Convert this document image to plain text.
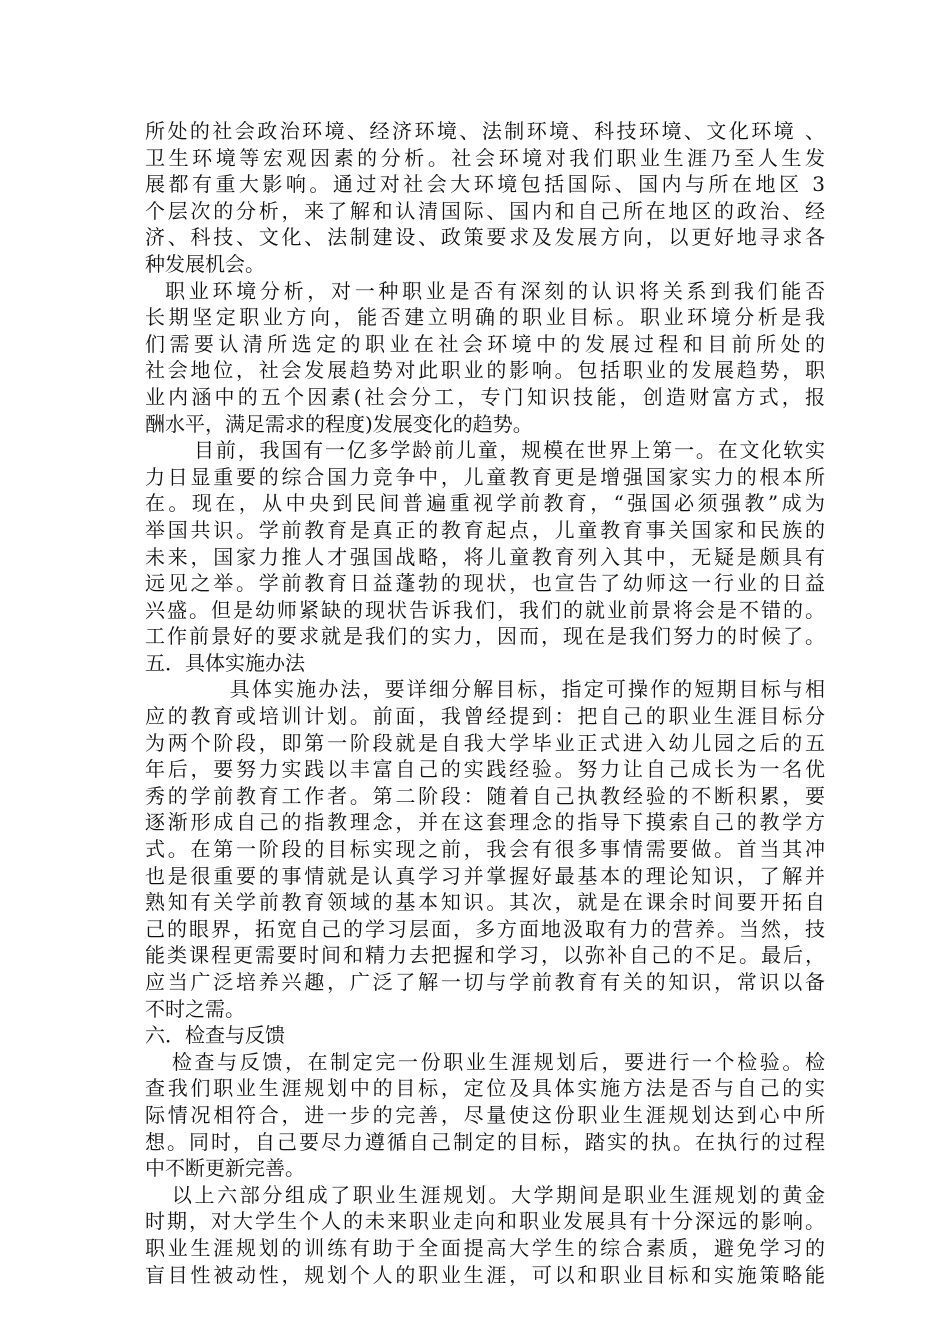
所处的社会政治环境、经济环境、法制环境、科技环境、文化环境 、
卫生环境等宏观因素的分析。社会环境对我们职业生涯乃至人生发
展都有重大影响。通过对社会大环境包括国际、国内与所在地区 3
个层次的分析，来了解和认清国际、国内和自己所在地区的政治、经
济、科技、文化、法制建设、政策要求及发展方向，以更好地寻求各
种发展机会。
职业环境分析，对一种职业是否有深刻的认识将关系到我们能否
长期坚定职业方向，能否建立明确的职业目标。职业环境分析是我
们需要认清所选定的职业在社会环境中的发展过程和目前所处的
社会地位，社会发展趋势对此职业的影响。包括职业的发展趋势，职
业内涵中的五个因素(社会分工，专门知识技能，创造财富方式，报
酬水平，满足需求的程度)发展变化的趋势。
目前，我国有一亿多学龄前儿童，规模在世界上第一。在文化软实
力日显重要的综合国力竞争中，儿童教育更是增强国家实力的根本所
在。现在，从中央到民间普遍重视学前教育，“强国必须强教”成为
举国共识。学前教育是真正的教育起点，儿童教育事关国家和民族的
未来，国家力推人才强国战略，将儿童教育列入其中，无疑是颇具有
远见之举。学前教育日益蓬勃的现状，也宣告了幼师这一行业的日益
兴盛。但是幼师紧缺的现状告诉我们，我们的就业前景将会是不错的。
工作前景好的要求就是我们的实力，因而，现在是我们努力的时候了。
五．具体实施办法
具体实施办法，要详细分解目标，指定可操作的短期目标与相
应的教育或培训计划。前面，我曾经提到：把自己的职业生涯目标分
为两个阶段，即第一阶段就是自我大学毕业正式进入幼儿园之后的五
年后，要努力实践以丰富自己的实践经验。努力让自己成长为一名优
秀的学前教育工作者。第二阶段：随着自己执教经验的不断积累，要
逐渐形成自己的指教理念，并在这套理念的指导下摸索自己的教学方
式。在第一阶段的目标实现之前，我会有很多事情需要做。首当其冲
也是很重要的事情就是认真学习并掌握好最基本的理论知识，了解并
熟知有关学前教育领域的基本知识。其次，就是在课余时间要开拓自
己的眼界，拓宽自己的学习层面，多方面地汲取有力的营养。当然，技
能类课程更需要时间和精力去把握和学习，以弥补自己的不足。最后，
应当广泛培养兴趣，广泛了解一切与学前教育有关的知识，常识以备
不时之需。
六．检查与反馈
检查与反馈，在制定完一份职业生涯规划后，要进行一个检验。检
查我们职业生涯规划中的目标，定位及具体实施方法是否与自己的实
际情况相符合，进一步的完善，尽量使这份职业生涯规划达到心中所
想。同时，自己要尽力遵循自己制定的目标，踏实的执。在执行的过程
中不断更新完善。
以上六部分组成了职业生涯规划。大学期间是职业生涯规划的黄金
时期，对大学生个人的未来职业走向和职业发展具有十分深远的影响。
职业生涯规划的训练有助于全面提高大学生的综合素质，避免学习的
盲目性被动性，规划个人的职业生涯，可以和职业目标和实施策略能
